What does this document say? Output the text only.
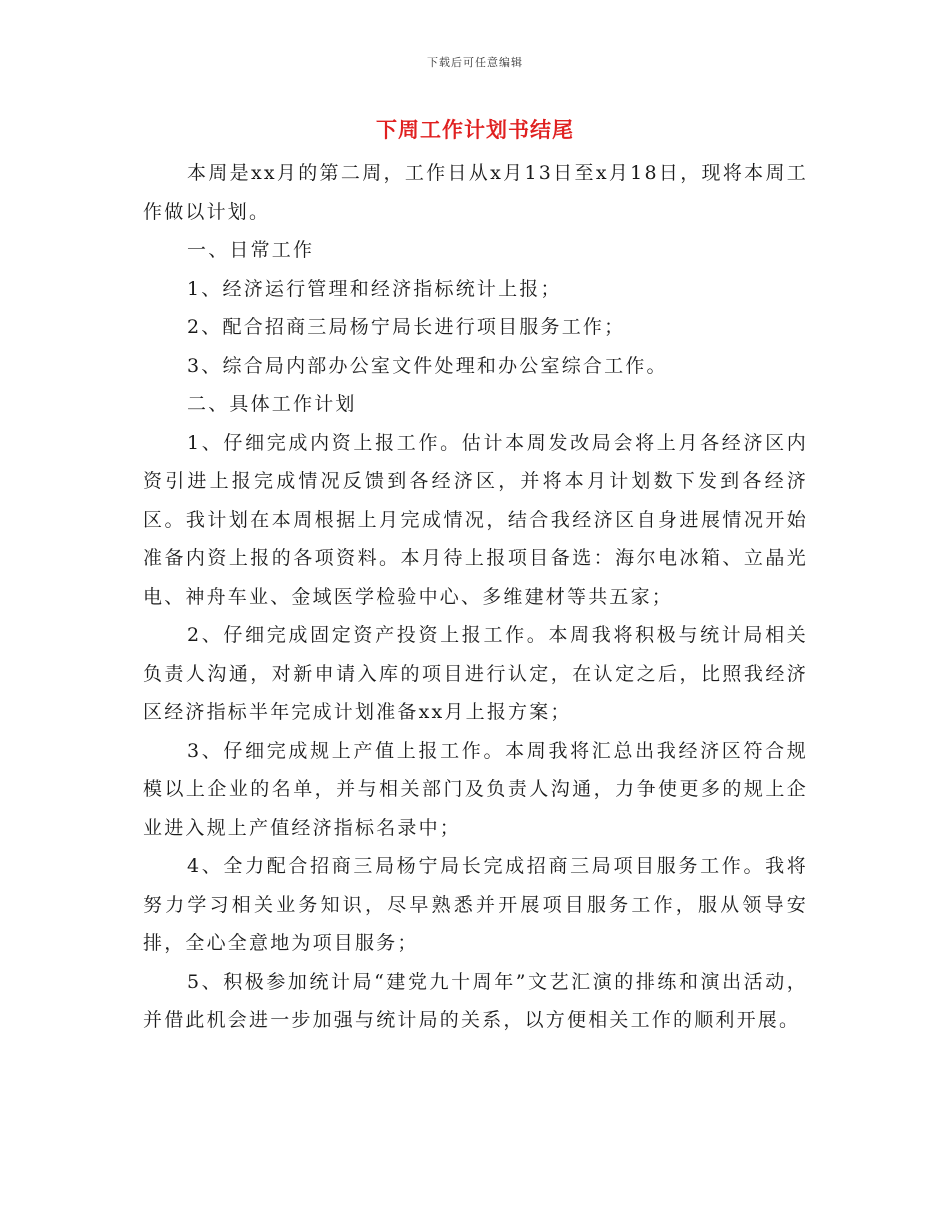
下载后可任意编辑
下周工作计划书结尾

本周是xx月的第二周，工作日从x月13日至x月18日，现将本周工作做以计划。

一、日常工作

1、经济运行管理和经济指标统计上报；

2、配合招商三局杨宁局长进行项目服务工作；

3、综合局内部办公室文件处理和办公室综合工作。

二、具体工作计划

1、仔细完成内资上报工作。估计本周发改局会将上月各经济区内资引进上报完成情况反馈到各经济区，并将本月计划数下发到各经济区。我计划在本周根据上月完成情况，结合我经济区自身进展情况开始准备内资上报的各项资料。本月待上报项目备选：海尔电冰箱、立晶光电、神舟车业、金域医学检验中心、多维建材等共五家；

2、仔细完成固定资产投资上报工作。本周我将积极与统计局相关负责人沟通，对新申请入库的项目进行认定，在认定之后，比照我经济区经济指标半年完成计划准备xx月上报方案；

3、仔细完成规上产值上报工作。本周我将汇总出我经济区符合规模以上企业的名单，并与相关部门及负责人沟通，力争使更多的规上企业进入规上产值经济指标名录中；

4、全力配合招商三局杨宁局长完成招商三局项目服务工作。我将努力学习相关业务知识，尽早熟悉并开展项目服务工作，服从领导安排，全心全意地为项目服务；

5、积极参加统计局“建党九十周年”文艺汇演的排练和演出活动，并借此机会进一步加强与统计局的关系，以方便相关工作的顺利开展。
